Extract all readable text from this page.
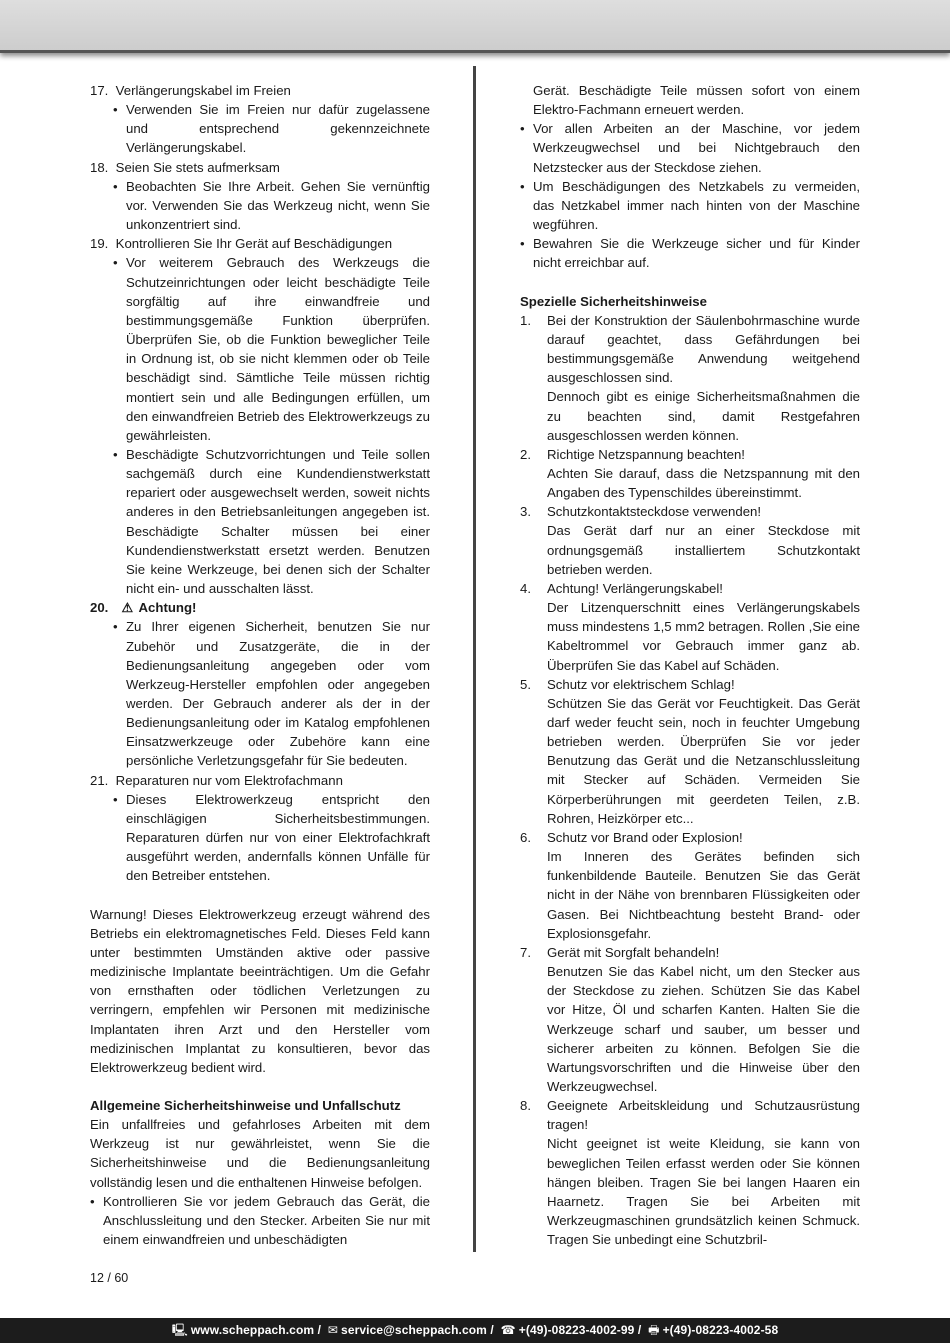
17. Verlängerungskabel im Freien
• Verwenden Sie im Freien nur dafür zugelassene und entsprechend gekennzeichnete Verlängerungskabel.
18. Seien Sie stets aufmerksam
• Beobachten Sie Ihre Arbeit. Gehen Sie vernünftig vor. Verwenden Sie das Werkzeug nicht, wenn Sie unkonzentriert sind.
19. Kontrollieren Sie Ihr Gerät auf Beschädigungen
• Vor weiterem Gebrauch des Werkzeugs die Schutzeinrichtungen oder leicht beschädigte Teile sorgfältig auf ihre einwandfreie und bestimmungsgemäße Funktion überprüfen. Überprüfen Sie, ob die Funktion beweglicher Teile in Ordnung ist, ob sie nicht klemmen oder ob Teile beschädigt sind. Sämtliche Teile müssen richtig montiert sein und alle Bedingungen erfüllen, um den einwandfreien Betrieb des Elektrowerkzeugs zu gewährleisten.
• Beschädigte Schutzvorrichtungen und Teile sollen sachgemäß durch eine Kundendienstwerkstatt repariert oder ausgewechselt werden, soweit nichts anderes in den Betriebsanleitungen angegeben ist. Beschädigte Schalter müssen bei einer Kundendienstwerkstatt ersetzt werden. Benutzen Sie keine Werkzeuge, bei denen sich der Schalter nicht ein- und ausschalten lässt.
20. ⚠ Achtung!
• Zu Ihrer eigenen Sicherheit, benutzen Sie nur Zubehör und Zusatzgeräte, die in der Bedienungsanleitung angegeben oder vom Werkzeug-Hersteller empfohlen oder angegeben werden. Der Gebrauch anderer als der in der Bedienungsanleitung oder im Katalog empfohlenen Einsatzwerkzeuge oder Zubehöre kann eine persönliche Verletzungsgefahr für Sie bedeuten.
21. Reparaturen nur vom Elektrofachmann
• Dieses Elektrowerkzeug entspricht den einschlägigen Sicherheitsbestimmungen. Reparaturen dürfen nur von einer Elektrofachkraft ausgeführt werden, andernfalls können Unfälle für den Betreiber entstehen.
Warnung! Dieses Elektrowerkzeug erzeugt während des Betriebs ein elektromagnetisches Feld. Dieses Feld kann unter bestimmten Umständen aktive oder passive medizinische Implantate beeinträchtigen. Um die Gefahr von ernsthaften oder tödlichen Verletzungen zu verringern, empfehlen wir Personen mit medizinische Implantaten ihren Arzt und den Hersteller vom medizinischen Implantat zu konsultieren, bevor das Elektrowerkzeug bedient wird.
Allgemeine Sicherheitshinweise und Unfallschutz
Ein unfallfreies und gefahrloses Arbeiten mit dem Werkzeug ist nur gewährleistet, wenn Sie die Sicherheitshinweise und die Bedienungsanleitung vollständig lesen und die enthaltenen Hinweise befolgen.
• Kontrollieren Sie vor jedem Gebrauch das Gerät, die Anschlussleitung und den Stecker. Arbeiten Sie nur mit einem einwandfreien und unbeschädigten
Gerät. Beschädigte Teile müssen sofort von einem Elektro-Fachmann erneuert werden.
• Vor allen Arbeiten an der Maschine, vor jedem Werkzeugwechsel und bei Nichtgebrauch den Netzstecker aus der Steckdose ziehen.
• Um Beschädigungen des Netzkabels zu vermeiden, das Netzkabel immer nach hinten von der Maschine wegführen.
• Bewahren Sie die Werkzeuge sicher und für Kinder nicht erreichbar auf.
Spezielle Sicherheitshinweise
1.	Bei der Konstruktion der Säulenbohrmaschine wurde darauf geachtet, dass Gefährdungen bei bestimmungsgemäße Anwendung weitgehend ausgeschlossen sind.
Dennoch gibt es einige Sicherheitsmaßnahmen die zu beachten sind, damit Restgefahren ausgeschlossen werden können.
2.	Richtige Netzspannung beachten!
Achten Sie darauf, dass die Netzspannung mit den Angaben des Typenschildes übereinstimmt.
3.	Schutzkontaktsteckdose verwenden!
Das Gerät darf nur an einer Steckdose mit ordnungsgemäß installiertem Schutzkontakt betrieben werden.
4.	Achtung! Verlängerungskabel!
Der Litzenquerschnitt eines Verlängerungskabels muss mindestens 1,5 mm2 betragen. Rollen ,Sie eine Kabeltrommel vor Gebrauch immer ganz ab. Überprüfen Sie das Kabel auf Schäden.
5.	Schutz vor elektrischem Schlag!
Schützen Sie das Gerät vor Feuchtigkeit. Das Gerät darf weder feucht sein, noch in feuchter Umgebung betrieben werden. Überprüfen Sie vor jeder Benutzung das Gerät und die Netzanschlussleitung mit Stecker auf Schäden. Vermeiden Sie Körperberührungen mit geerdeten Teilen, z.B. Rohren, Heizkörper etc...
6.	Schutz vor Brand oder Explosion!
Im Inneren des Gerätes befinden sich funkenbildende Bauteile. Benutzen Sie das Gerät nicht in der Nähe von brennbaren Flüssigkeiten oder Gasen. Bei Nichtbeachtung besteht Brand- oder Explosionsgefahr.
7.	Gerät mit Sorgfalt behandeln!
Benutzen Sie das Kabel nicht, um den Stecker aus der Steckdose zu ziehen. Schützen Sie das Kabel vor Hitze, Öl und scharfen Kanten. Halten Sie die Werkzeuge scharf und sauber, um besser und sicherer arbeiten zu können. Befolgen Sie die Wartungsvorschriften und die Hinweise über den Werkzeugwechsel.
8.	Geeignete Arbeitskleidung und Schutzausrüstung tragen!
Nicht geeignet ist weite Kleidung, sie kann von beweglichen Teilen erfasst werden oder Sie können hängen bleiben. Tragen Sie bei langen Haaren ein Haarnetz. Tragen Sie bei Arbeiten mit Werkzeugmaschinen grundsätzlich keinen Schmuck. Tragen Sie unbedingt eine Schutzbril-
12 / 60
🖳 www.scheppach.com / ✉ service@scheppach.com / ☎ +(49)-08223-4002-99 / 🖶 +(49)-08223-4002-58
